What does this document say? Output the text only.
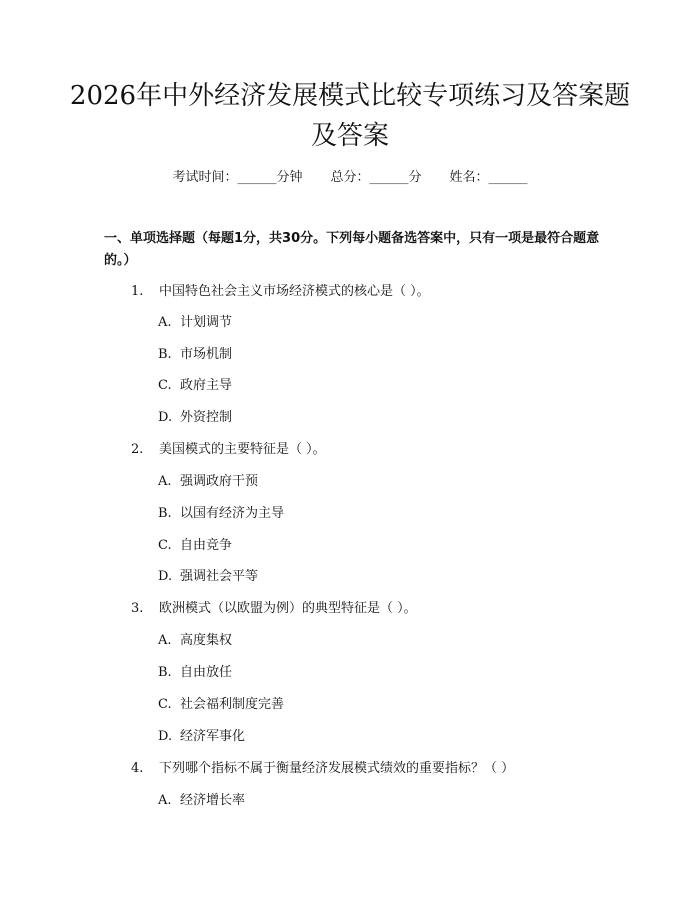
2026年中外经济发展模式比较专项练习及答案题及答案
考试时间：______分钟 总分：______分 姓名：______

一、单项选择题（每题1分，共30分。下列每小题备选答案中，只有一项是最符合题意的。）

1. 中国特色社会主义市场经济模式的核心是（ ）。
A. 计划调节
B. 市场机制
C. 政府主导
D. 外资控制
2. 美国模式的主要特征是（ ）。
A. 强调政府干预
B. 以国有经济为主导
C. 自由竞争
D. 强调社会平等
3. 欧洲模式（以欧盟为例）的典型特征是（ ）。
A. 高度集权
B. 自由放任
C. 社会福利制度完善
D. 经济军事化
4. 下列哪个指标不属于衡量经济发展模式绩效的重要指标？（ ）
A. 经济增长率
